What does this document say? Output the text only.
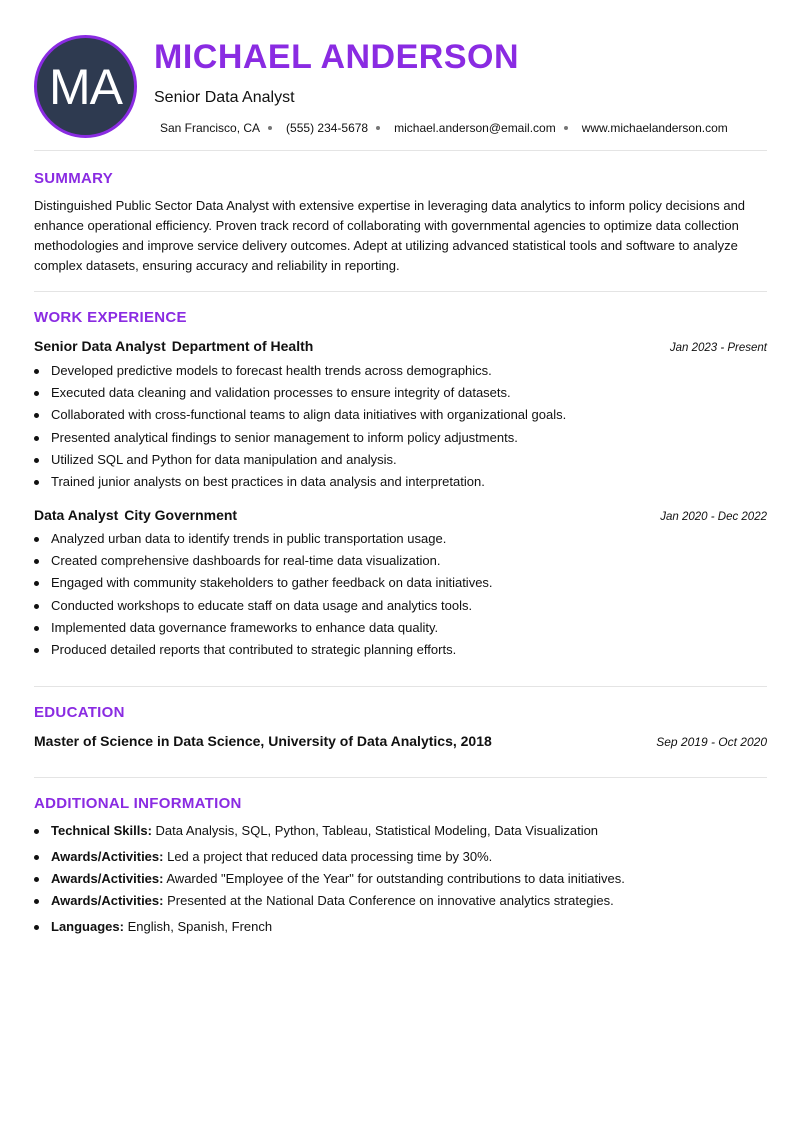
MA
MICHAEL ANDERSON
Senior Data Analyst
San Francisco, CA (555) 234-5678 michael.anderson@email.com www.michaelanderson.com
SUMMARY
Distinguished Public Sector Data Analyst with extensive expertise in leveraging data analytics to inform policy decisions and enhance operational efficiency. Proven track record of collaborating with governmental agencies to optimize data collection methodologies and improve service delivery outcomes. Adept at utilizing advanced statistical tools and software to analyze complex datasets, ensuring accuracy and reliability in reporting.
WORK EXPERIENCE
Senior Data Analyst Department of Health	Jan 2023 - Present
Developed predictive models to forecast health trends across demographics.
Executed data cleaning and validation processes to ensure integrity of datasets.
Collaborated with cross-functional teams to align data initiatives with organizational goals.
Presented analytical findings to senior management to inform policy adjustments.
Utilized SQL and Python for data manipulation and analysis.
Trained junior analysts on best practices in data analysis and interpretation.
Data Analyst City Government	Jan 2020 - Dec 2022
Analyzed urban data to identify trends in public transportation usage.
Created comprehensive dashboards for real-time data visualization.
Engaged with community stakeholders to gather feedback on data initiatives.
Conducted workshops to educate staff on data usage and analytics tools.
Implemented data governance frameworks to enhance data quality.
Produced detailed reports that contributed to strategic planning efforts.
EDUCATION
Master of Science in Data Science, University of Data Analytics, 2018	Sep 2019 - Oct 2020
ADDITIONAL INFORMATION
Technical Skills: Data Analysis, SQL, Python, Tableau, Statistical Modeling, Data Visualization
Awards/Activities: Led a project that reduced data processing time by 30%.
Awards/Activities: Awarded "Employee of the Year" for outstanding contributions to data initiatives.
Awards/Activities: Presented at the National Data Conference on innovative analytics strategies.
Languages: English, Spanish, French
